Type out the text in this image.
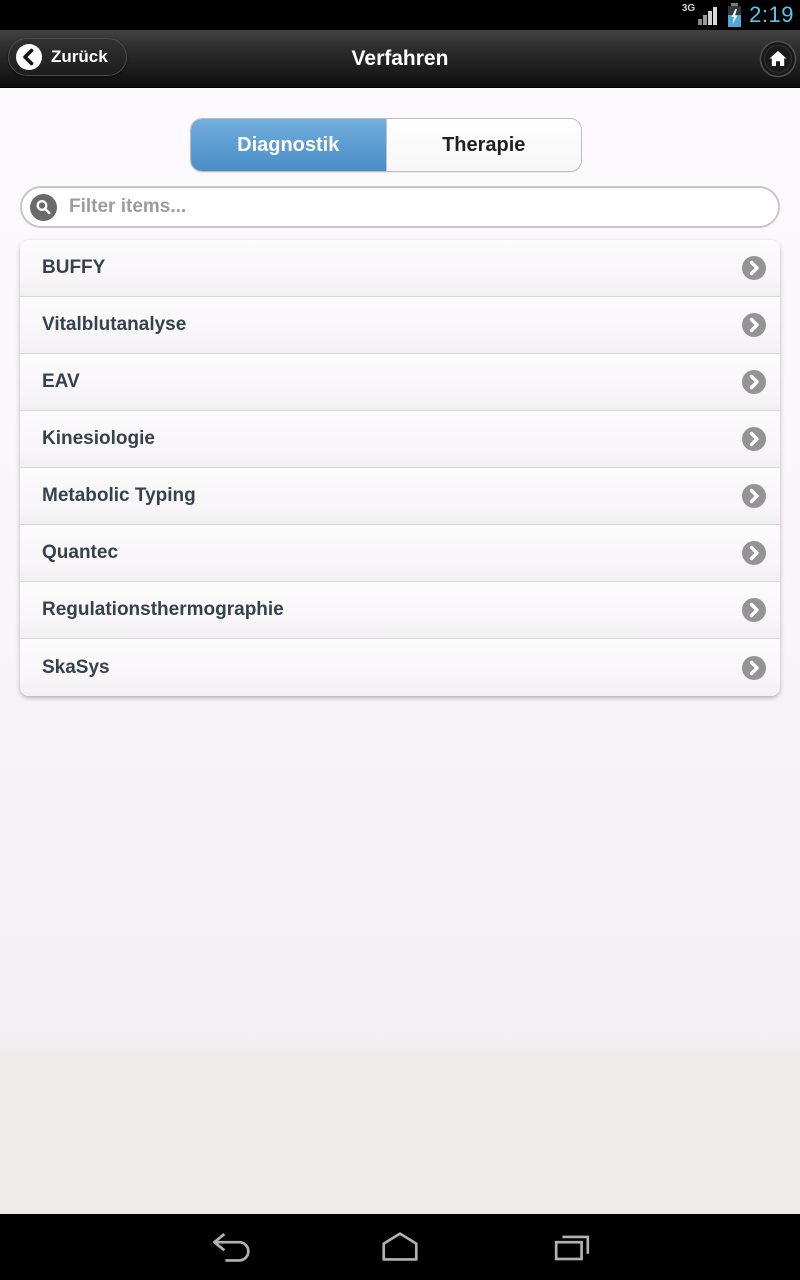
3G 2:19
Zurück	Verfahren
Diagnostik	Therapie
Filter items...
BUFFY
Vitalblutanalyse
EAV
Kinesiologie
Metabolic Typing
Quantec
Regulationsthermographie
SkaSys
